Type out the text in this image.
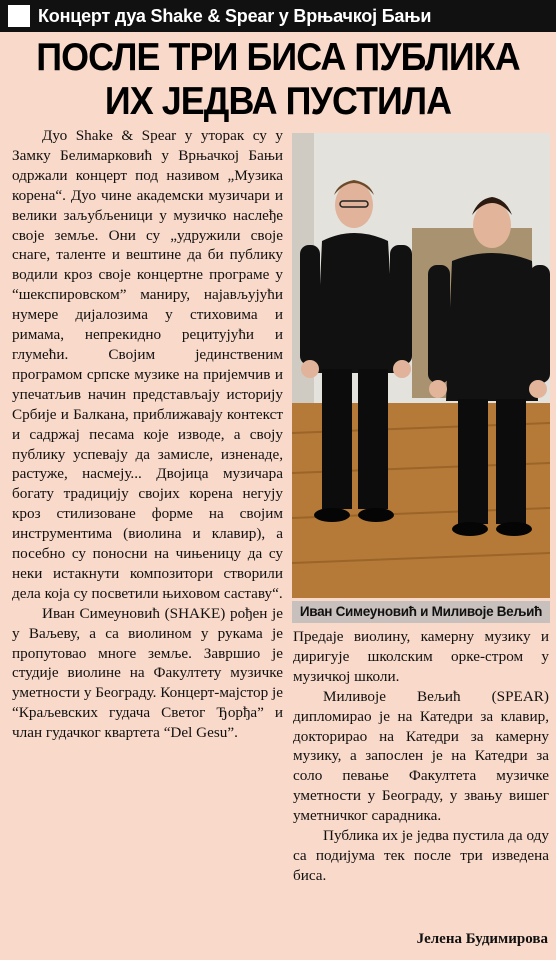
Концерт дуа Shake & Spear у Врњачкој Бањи
ПОСЛЕ ТРИ БИСА ПУБЛИКА
ИХ ЈЕДВА ПУСТИЛА

Дуо Shake & Spear у уторак су у Замку Белимарковић у Врњачкој Бањи одржали концерт под називом „Музика корена“. Дуо чине академски музичари и велики заљубљеници у музичко наслеђе своје земље. Они су „удружили своје снаге, таленте и вештине да би публику водили кроз своје концертне програме у “шекспировском” маниру, најављујући нумере дијалозима у стиховима и римама, непрекидно рецитујући и глумећи. Својим јединственим програмом српске музике на пријемчив и упечатљив начин представљају историју Србије и Балкана, приближавају контекст и садржај песама које изводе, а своју публику успевају да замисле, изненаде, растуже, насмеју... Двојица музичара богату традицију својих корена негују кроз стилизоване форме на својим инструментима (виолина и клавир), а посебно су поносни на чињеницу да су неки истакнути композитори створили дела која су посветили њиховом саставу“.

Иван Симеуновић (SHAKE) рођен је у Ваљеву, а са виолином у рукама је пропутовао многе земље. Завршио је студије виолине на Факултету музичке уметности у Београду. Концерт-мајстор је “Краљевских гудача Светог Ђорђа” и члан гудачког квартета “Del Gesu”.

Иван Симеуновић и Миливоје Вељић

Предаје виолину, камерну музику и диригује школским орке-стром у музичкој школи.

Миливоје Вељић (SPEAR) дипломирао је на Катедри за клавир, докторирао на Катедри за камерну музику, а запослен је на Катедри за соло певање Факултета музичке уметности у Београду, у звању вишег уметничког сарадника.

Публика их је једва пустила да оду са подијума тек после три изведена биса.

Јелена Будимирова
